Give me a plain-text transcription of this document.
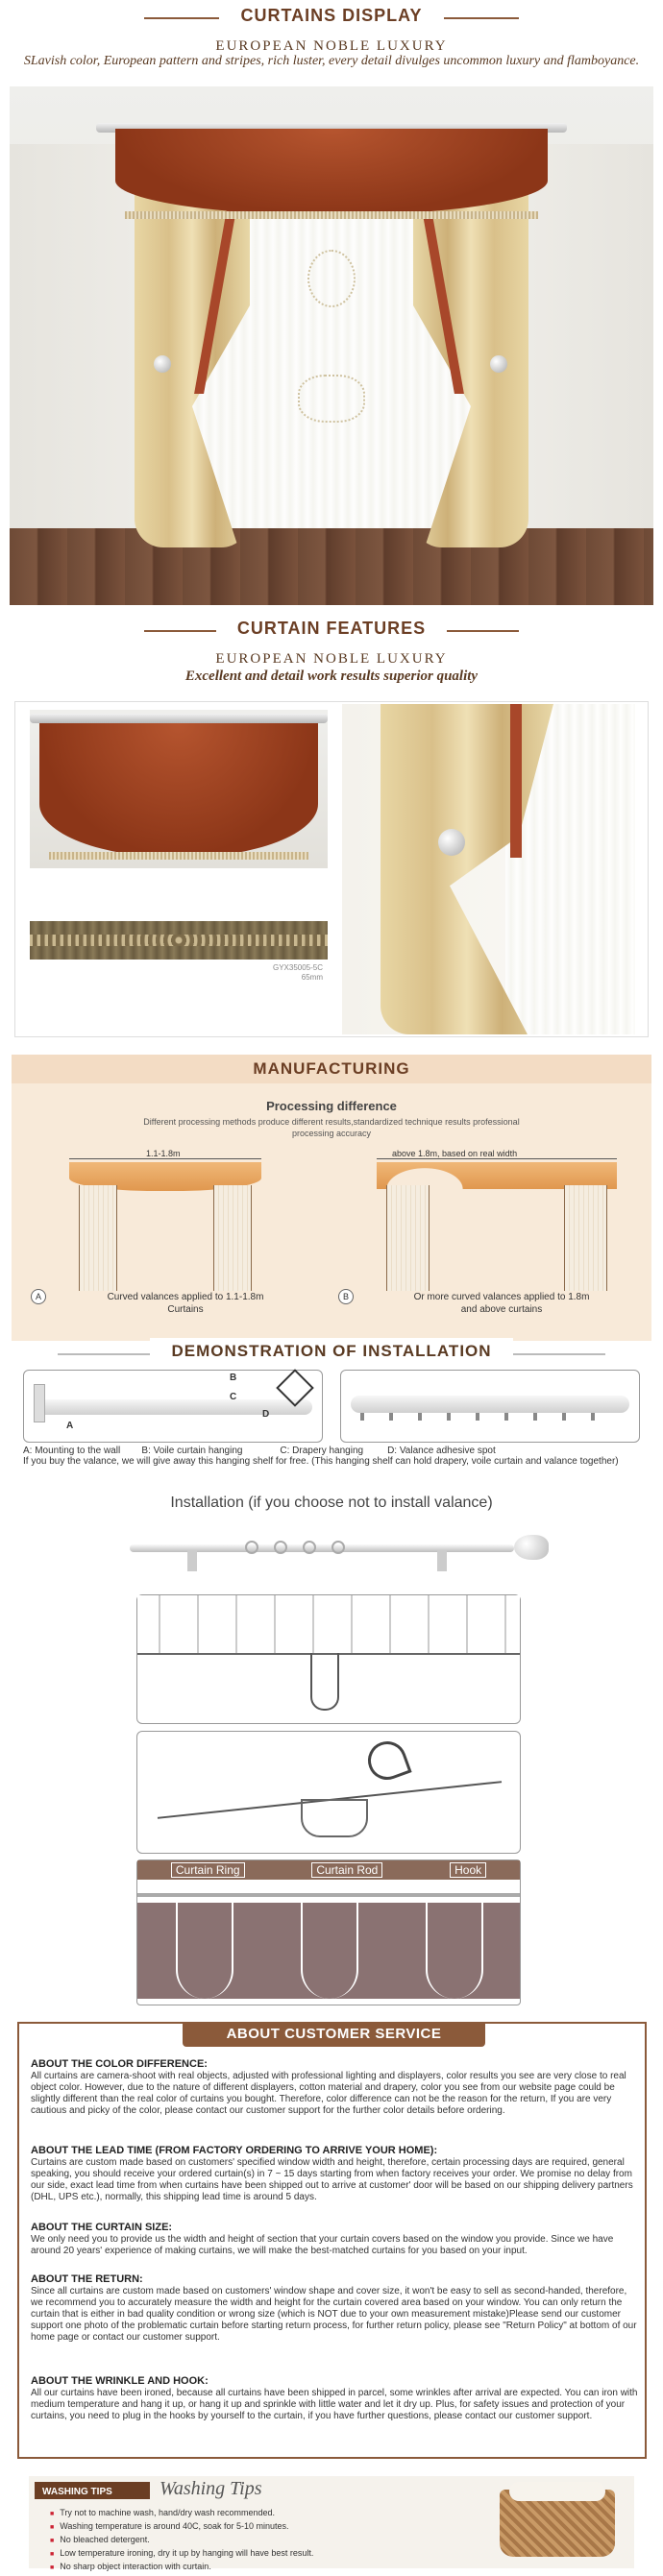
CURTAINS DISPLAY
EUROPEAN NOBLE LUXURY
SLavish color, European pattern and stripes, rich luster, every detail divulges uncommon luxury and flamboyance.
CURTAIN FEATURES
EUROPEAN NOBLE LUXURY
Excellent and detail work results superior quality
GYX35005-5C
65mm
MANUFACTURING
Processing difference
Different processing methods produce different results,standardized technique results professional processing accuracy
1.1-1.8m	above 1.8m, based on real width
A	Curved valances applied to 1.1-1.8m
Curtains
B	Or more curved valances applied to 1.8m
and above curtains
DEMONSTRATION OF INSTALLATION
A
B
C
D
A: Mounting to the wall        B: Voile curtain hanging              C: Drapery hanging         D: Valance adhesive spot
If you buy the valance, we will give away this hanging shelf for free. (This hanging shelf can hold drapery, voile curtain and valance together)
Installation (if you choose not to install valance)
Curtain Ring	Curtain Rod	Hook
ABOUT CUSTOMER SERVICE
ABOUT THE COLOR DIFFERENCE:
All curtains are camera-shoot with real objects, adjusted with professional lighting and displayers, color results you see are very close to real object color. However, due to the nature of different displayers, cotton material and drapery, color you see from our website page could be slightly different than the real color of curtains you bought. Therefore, color difference can not be the reason for the return, If you are very cautious and picky of the color, please contact our customer support for the further color details before ordering.
ABOUT THE LEAD TIME (FROM FACTORY ORDERING TO ARRIVE YOUR HOME):
Curtains are custom made based on customers' specified window width and height, therefore, certain processing days are required, general speaking, you should receive your ordered curtain(s) in 7 ~ 15 days starting from when factory receives your order. We promise no delay from our side, exact lead time from when curtains have been shipped out to arrive at customer' door will be based on our shipping delivery partners (DHL, UPS etc.), normally, this shipping lead time is around 5 days.
ABOUT THE CURTAIN SIZE:
We only need you to provide us the width and height of section that your curtain covers based on the window you provide. Since we have around 20 years' experience of making curtains, we will make the best-matched curtains for you based on your input.
ABOUT THE RETURN:
Since all curtains are custom made based on customers' window shape and cover size, it won't be easy to sell as second-handed, therefore, we recommend you to accurately measure the width and height for the curtain covered area based on your window. You can only return the curtain that is either in bad quality condition or wrong size (which is NOT due to your own measurement mistake)Please send our customer support one photo of the problematic curtain before starting return process, for further return policy, please see "Return Policy" at bottom of our home page or contact our customer support.
ABOUT THE WRINKLE AND HOOK:
All our curtains have been ironed, because all curtains have been shipped in parcel, some wrinkles after arrival are expected. You can iron with medium temperature and hang it up, or hang it up and sprinkle with little water and let it dry up. Plus, for safety issues and protection of your curtains, you need to plug in the hooks by yourself to the curtain, if you have further questions, please contact our customer support.
WASHING TIPS	Washing Tips
■ Try not to machine wash, hand/dry wash recommended.
■ Washing temperature is around 40C, soak for 5-10 minutes.
■ No bleached detergent.
■ Low temperature ironing, dry it up by hanging will have best result.
■ No sharp object interaction with curtain.
